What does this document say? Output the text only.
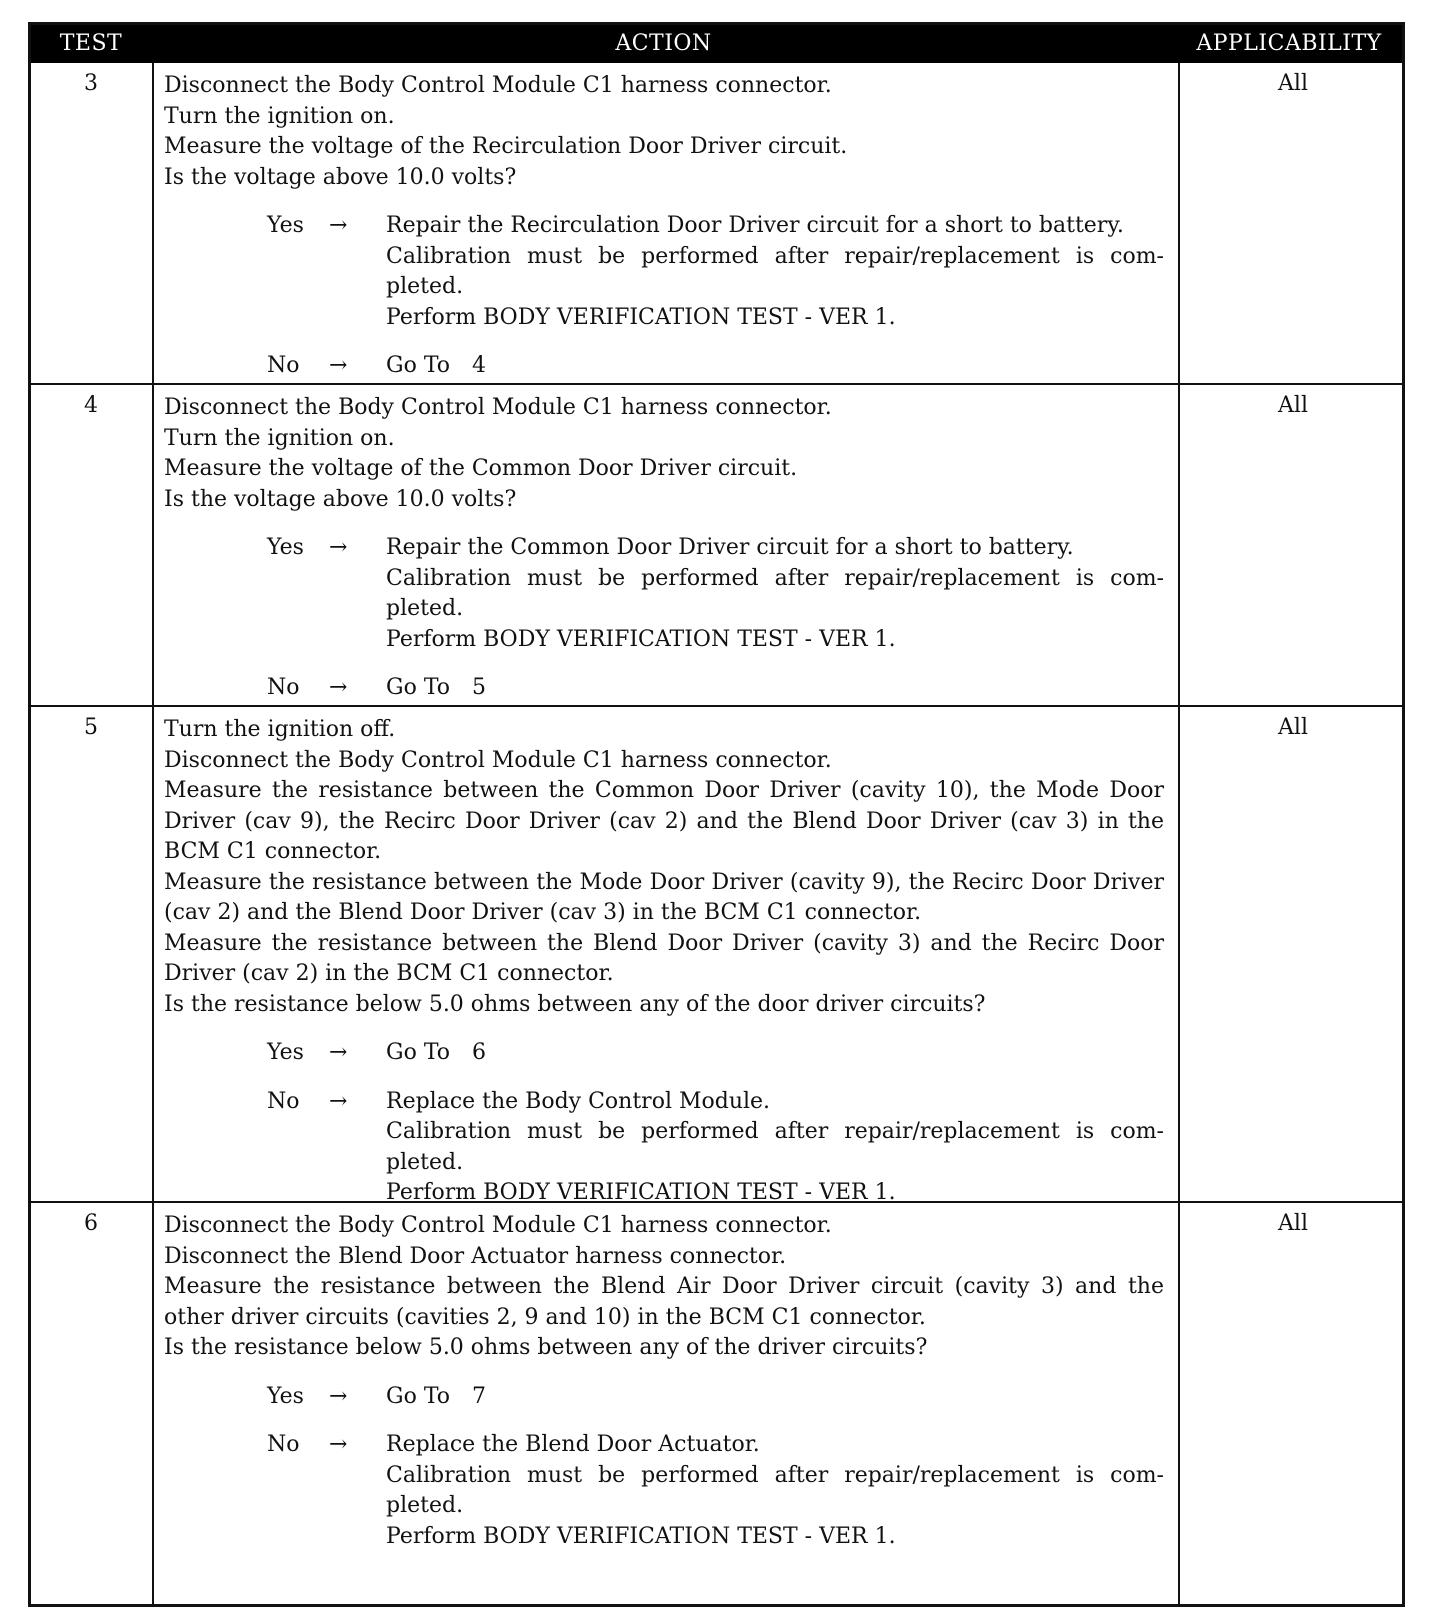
TEST	ACTION	APPLICABILITY
3	Disconnect the Body Control Module C1 harness connector.

Turn the ignition on.

Measure the voltage of the Recirculation Door Driver circuit.

Is the voltage above 10.0 volts?

Yes → Repair the Recirculation Door Driver circuit for a short to battery.
Calibration must be performed after repair/replacement is com-
pleted.
Perform BODY VERIFICATION TEST - VER 1.
No → Go To 4
All
4	Disconnect the Body Control Module C1 harness connector.

Turn the ignition on.

Measure the voltage of the Common Door Driver circuit.

Is the voltage above 10.0 volts?

Yes → Repair the Common Door Driver circuit for a short to battery.
Calibration must be performed after repair/replacement is com-
pleted.
Perform BODY VERIFICATION TEST - VER 1.
No → Go To 5
All
5	Turn the ignition off.

Disconnect the Body Control Module C1 harness connector.

Measure the resistance between the Common Door Driver (cavity 10), the Mode Door Driver (cav 9), the Recirc Door Driver (cav 2) and the Blend Door Driver (cav 3) in the BCM C1 connector.

Measure the resistance between the Mode Door Driver (cavity 9), the Recirc Door Driver (cav 2) and the Blend Door Driver (cav 3) in the BCM C1 connector.

Measure the resistance between the Blend Door Driver (cavity 3) and the Recirc Door Driver (cav 2) in the BCM C1 connector.

Is the resistance below 5.0 ohms between any of the door driver circuits?

Yes → Go To 6
No → Replace the Body Control Module.
Calibration must be performed after repair/replacement is com-
pleted.
Perform BODY VERIFICATION TEST - VER 1.
All
6	Disconnect the Body Control Module C1 harness connector.

Disconnect the Blend Door Actuator harness connector.

Measure the resistance between the Blend Air Door Driver circuit (cavity 3) and the other driver circuits (cavities 2, 9 and 10) in the BCM C1 connector.

Is the resistance below 5.0 ohms between any of the driver circuits?

Yes → Go To 7
No → Replace the Blend Door Actuator.
Calibration must be performed after repair/replacement is com-
pleted.
Perform BODY VERIFICATION TEST - VER 1.
All
